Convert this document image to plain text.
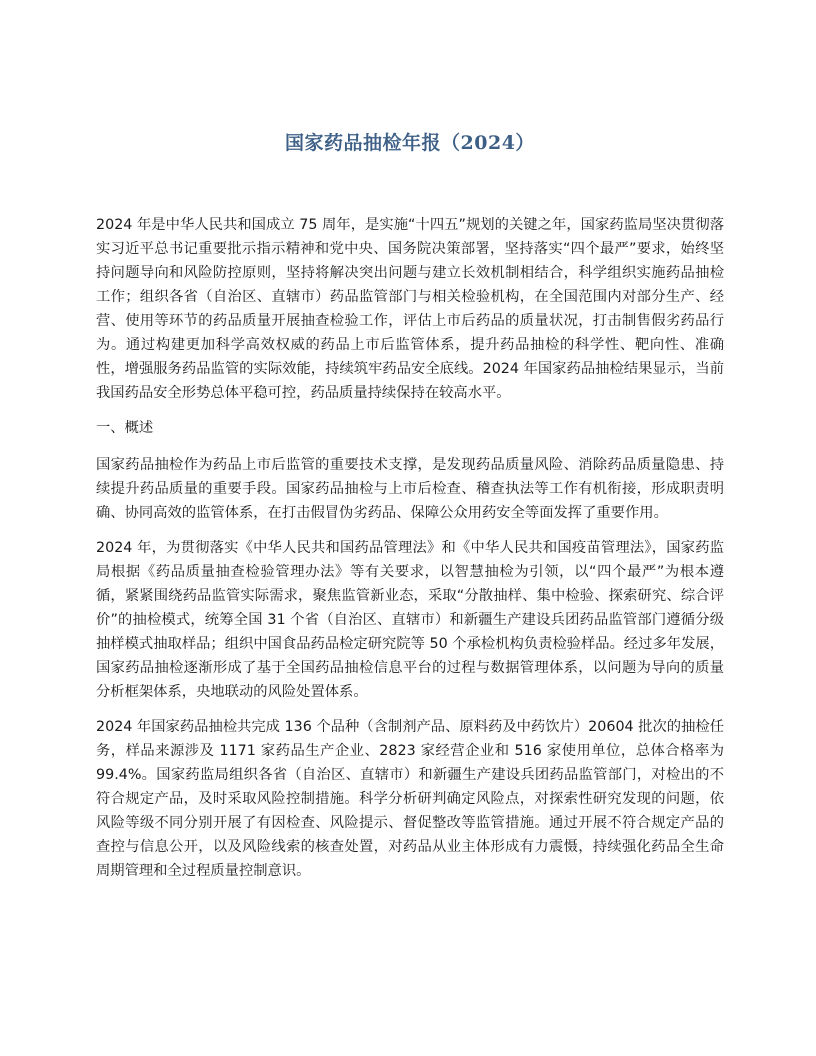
国家药品抽检年报（2024）

2024 年是中华人民共和国成立 75 周年，是实施“十四五”规划的关键之年，国家药监局坚决贯彻落实习近平总书记重要批示指示精神和党中央、国务院决策部署，坚持落实“四个最严”要求，始终坚持问题导向和风险防控原则，坚持将解决突出问题与建立长效机制相结合，科学组织实施药品抽检工作；组织各省（自治区、直辖市）药品监管部门与相关检验机构，在全国范围内对部分生产、经营、使用等环节的药品质量开展抽查检验工作，评估上市后药品的质量状况，打击制售假劣药品行为。通过构建更加科学高效权威的药品上市后监管体系，提升药品抽检的科学性、靶向性、准确性，增强服务药品监管的实际效能，持续筑牢药品安全底线。2024 年国家药品抽检结果显示，当前我国药品安全形势总体平稳可控，药品质量持续保持在较高水平。

一、概述

国家药品抽检作为药品上市后监管的重要技术支撑，是发现药品质量风险、消除药品质量隐患、持续提升药品质量的重要手段。国家药品抽检与上市后检查、稽查执法等工作有机衔接，形成职责明确、协同高效的监管体系，在打击假冒伪劣药品、保障公众用药安全等面发挥了重要作用。

2024 年，为贯彻落实《中华人民共和国药品管理法》和《中华人民共和国疫苗管理法》，国家药监局根据《药品质量抽查检验管理办法》等有关要求，以智慧抽检为引领，以“四个最严”为根本遵循，紧紧围绕药品监管实际需求，聚焦监管新业态，采取“分散抽样、集中检验、探索研究、综合评价”的抽检模式，统筹全国 31 个省（自治区、直辖市）和新疆生产建设兵团药品监管部门遵循分级抽样模式抽取样品；组织中国食品药品检定研究院等 50 个承检机构负责检验样品。经过多年发展，国家药品抽检逐渐形成了基于全国药品抽检信息平台的过程与数据管理体系，以问题为导向的质量分析框架体系，央地联动的风险处置体系。

2024 年国家药品抽检共完成 136 个品种（含制剂产品、原料药及中药饮片）20604 批次的抽检任务，样品来源涉及 1171 家药品生产企业、2823 家经营企业和 516 家使用单位，总体合格率为 99.4%。国家药监局组织各省（自治区、直辖市）和新疆生产建设兵团药品监管部门，对检出的不符合规定产品，及时采取风险控制措施。科学分析研判确定风险点，对探索性研究发现的问题，依风险等级不同分别开展了有因检查、风险提示、督促整改等监管措施。通过开展不符合规定产品的查控与信息公开，以及风险线索的核查处置，对药品从业主体形成有力震慑，持续强化药品全生命周期管理和全过程质量控制意识。
